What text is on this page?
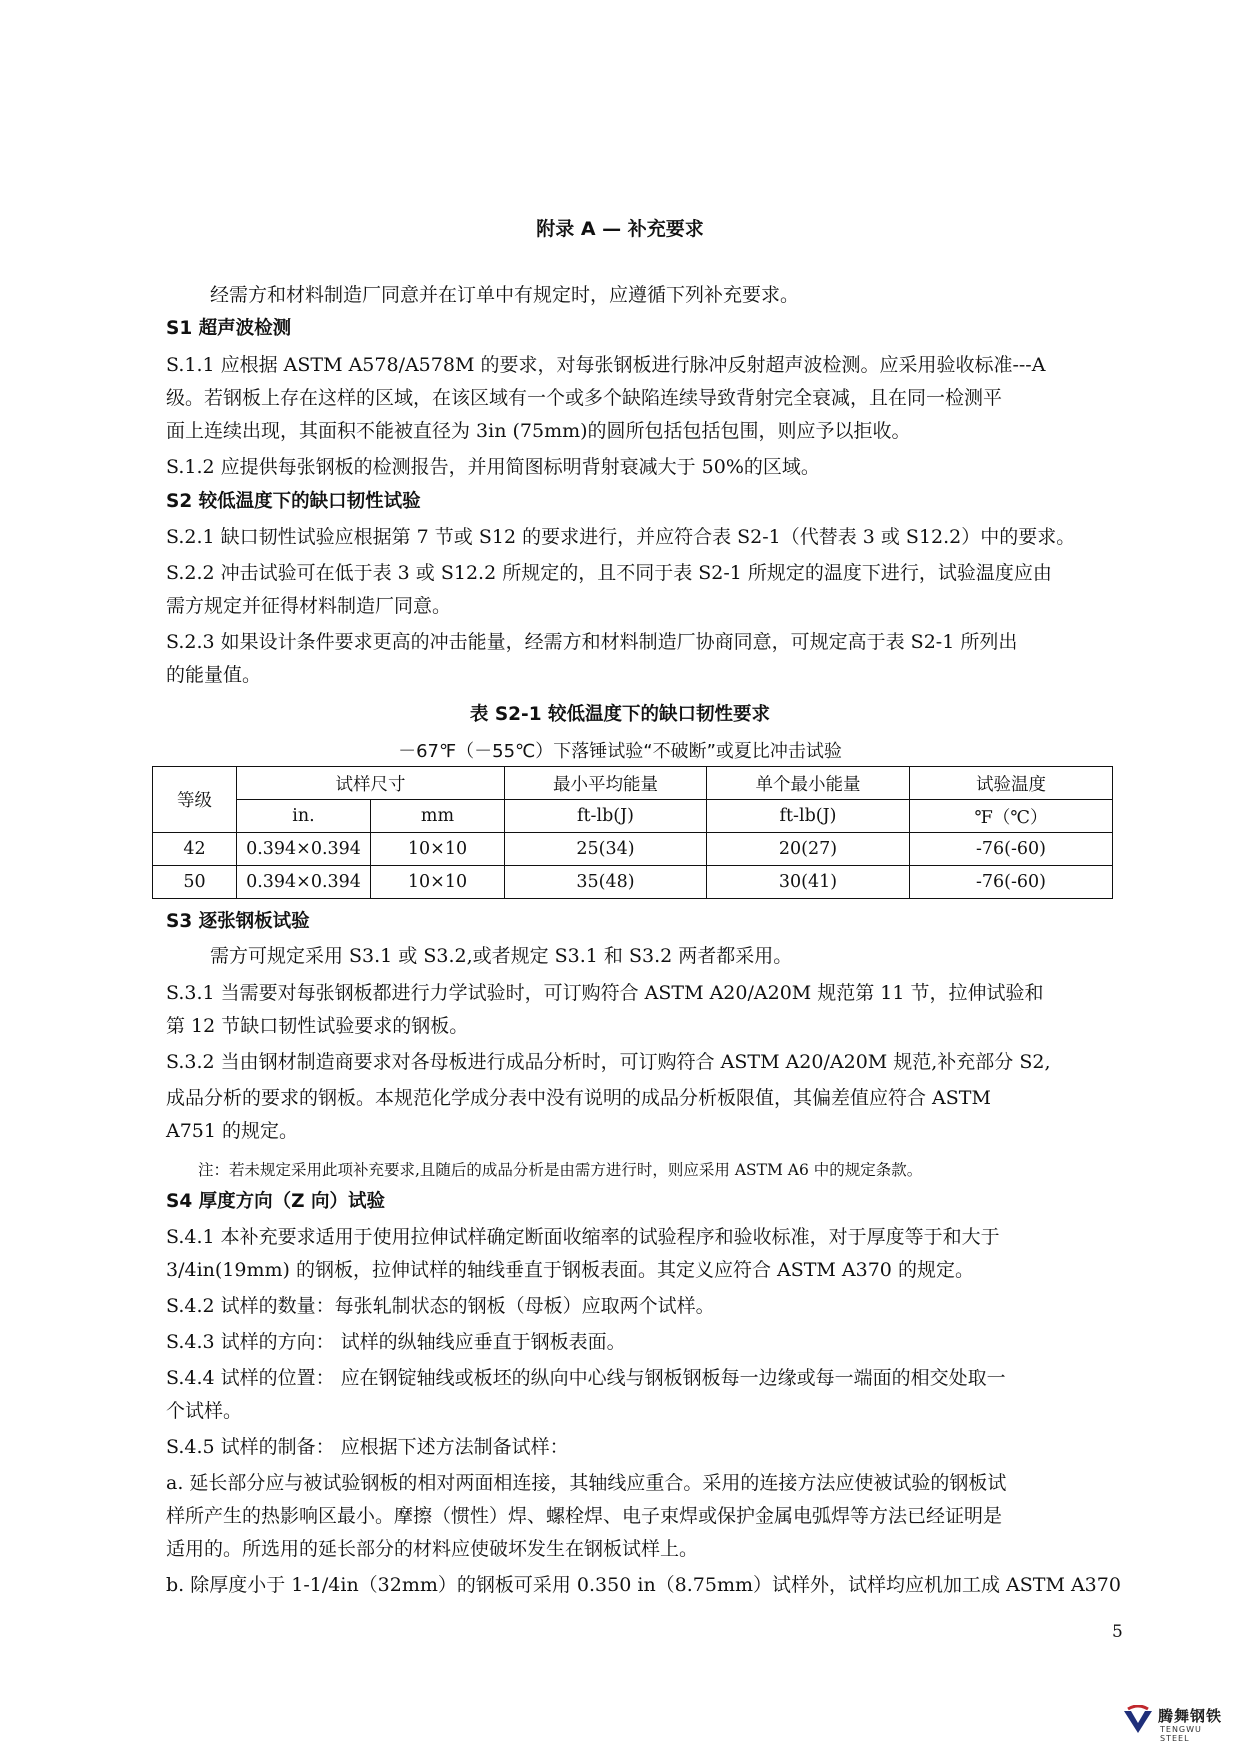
附录 A — 补充要求
经需方和材料制造厂同意并在订单中有规定时，应遵循下列补充要求。
S1 超声波检测
S.1.1 应根据 ASTM A578/A578M 的要求，对每张钢板进行脉冲反射超声波检测。应采用验收标准---A
级。若钢板上存在这样的区域，在该区域有一个或多个缺陷连续导致背射完全衰减，且在同一检测平
面上连续出现，其面积不能被直径为 3in (75mm)的圆所包括包括包围，则应予以拒收。
S.1.2 应提供每张钢板的检测报告，并用简图标明背射衰减大于 50%的区域。
S2 较低温度下的缺口韧性试验
S.2.1 缺口韧性试验应根据第 7 节或 S12 的要求进行，并应符合表 S2-1（代替表 3 或 S12.2）中的要求。
S.2.2 冲击试验可在低于表 3 或 S12.2 所规定的，且不同于表 S2-1 所规定的温度下进行，试验温度应由
需方规定并征得材料制造厂同意。
S.2.3 如果设计条件要求更高的冲击能量，经需方和材料制造厂协商同意，可规定高于表 S2-1 所列出
的能量值。
表 S2-1 较低温度下的缺口韧性要求
－67℉（－55℃）下落锤试验“不破断”或夏比冲击试验
等级	试样尺寸		最小平均能量	单个最小能量	试验温度
	in.	mm	ft-lb(J)	ft-lb(J)	℉（℃）
42	0.394×0.394	10×10	25(34)	20(27)	-76(-60)
50	0.394×0.394	10×10	35(48)	30(41)	-76(-60)
S3 逐张钢板试验
需方可规定采用 S3.1 或 S3.2,或者规定 S3.1 和 S3.2 两者都采用。
S.3.1 当需要对每张钢板都进行力学试验时，可订购符合 ASTM A20/A20M 规范第 11 节，拉伸试验和
第 12 节缺口韧性试验要求的钢板。
S.3.2 当由钢材制造商要求对各母板进行成品分析时，可订购符合 ASTM A20/A20M 规范,补充部分 S2,
成品分析的要求的钢板。本规范化学成分表中没有说明的成品分析板限值，其偏差值应符合 ASTM
A751 的规定。
注：若未规定采用此项补充要求,且随后的成品分析是由需方进行时，则应采用 ASTM A6 中的规定条款。
S4 厚度方向（Z 向）试验
S.4.1 本补充要求适用于使用拉伸试样确定断面收缩率的试验程序和验收标准，对于厚度等于和大于
3/4in(19mm) 的钢板，拉伸试样的轴线垂直于钢板表面。其定义应符合 ASTM A370 的规定。
S.4.2 试样的数量：每张轧制状态的钢板（母板）应取两个试样。
S.4.3 试样的方向： 试样的纵轴线应垂直于钢板表面。
S.4.4 试样的位置： 应在钢锭轴线或板坯的纵向中心线与钢板钢板每一边缘或每一端面的相交处取一
个试样。
S.4.5 试样的制备： 应根据下述方法制备试样：
a. 延长部分应与被试验钢板的相对两面相连接，其轴线应重合。采用的连接方法应使被试验的钢板试
样所产生的热影响区最小。摩擦（惯性）焊、螺栓焊、电子束焊或保护金属电弧焊等方法已经证明是
适用的。所选用的延长部分的材料应使破坏发生在钢板试样上。
b. 除厚度小于 1-1/4in（32mm）的钢板可采用 0.350 in（8.75mm）试样外，试样均应机加工成 ASTM A370
5
腾舞钢铁
TENGWU STEEL
